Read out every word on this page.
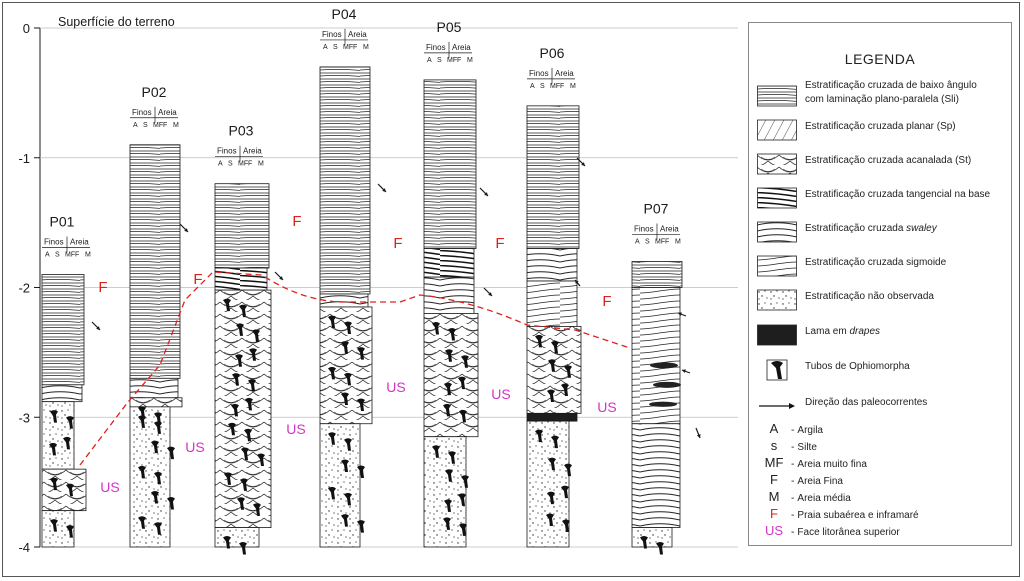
0
-1
-2
-3
-4
Superfície do terreno
P01
Finos Areia
A S MF F M
P02
Finos Areia
A S MF F M	P03
Finos Areia
A S MF F M
P04
Finos Areia
A S MF F M
P05
Finos Areia
A S MF F M	P06
Finos Areia
A S MF F M
P07
Finos Areia
A S MF F M
F	F
F
F	F
F
US
US
US
US	US
US
LEGENDA
Estratificação cruzada de baixo ângulo
com laminação plano-paralela (Sli)
Estratificação cruzada planar (Sp)
Estratificação cruzada acanalada (St)
Estratificação cruzada tangencial na base
Estratificação cruzada swaley
Estratificação cruzada sigmoide
Estratificação não observada
Lama em drapes
Tubos de Ophiomorpha
Direção das paleocorrentes
A - Argila
s - Silte
MF - Areia muito fina
F - Areia Fina
M - Areia média
F - Praia subaérea e inframaré
US - Face litorânea superior
